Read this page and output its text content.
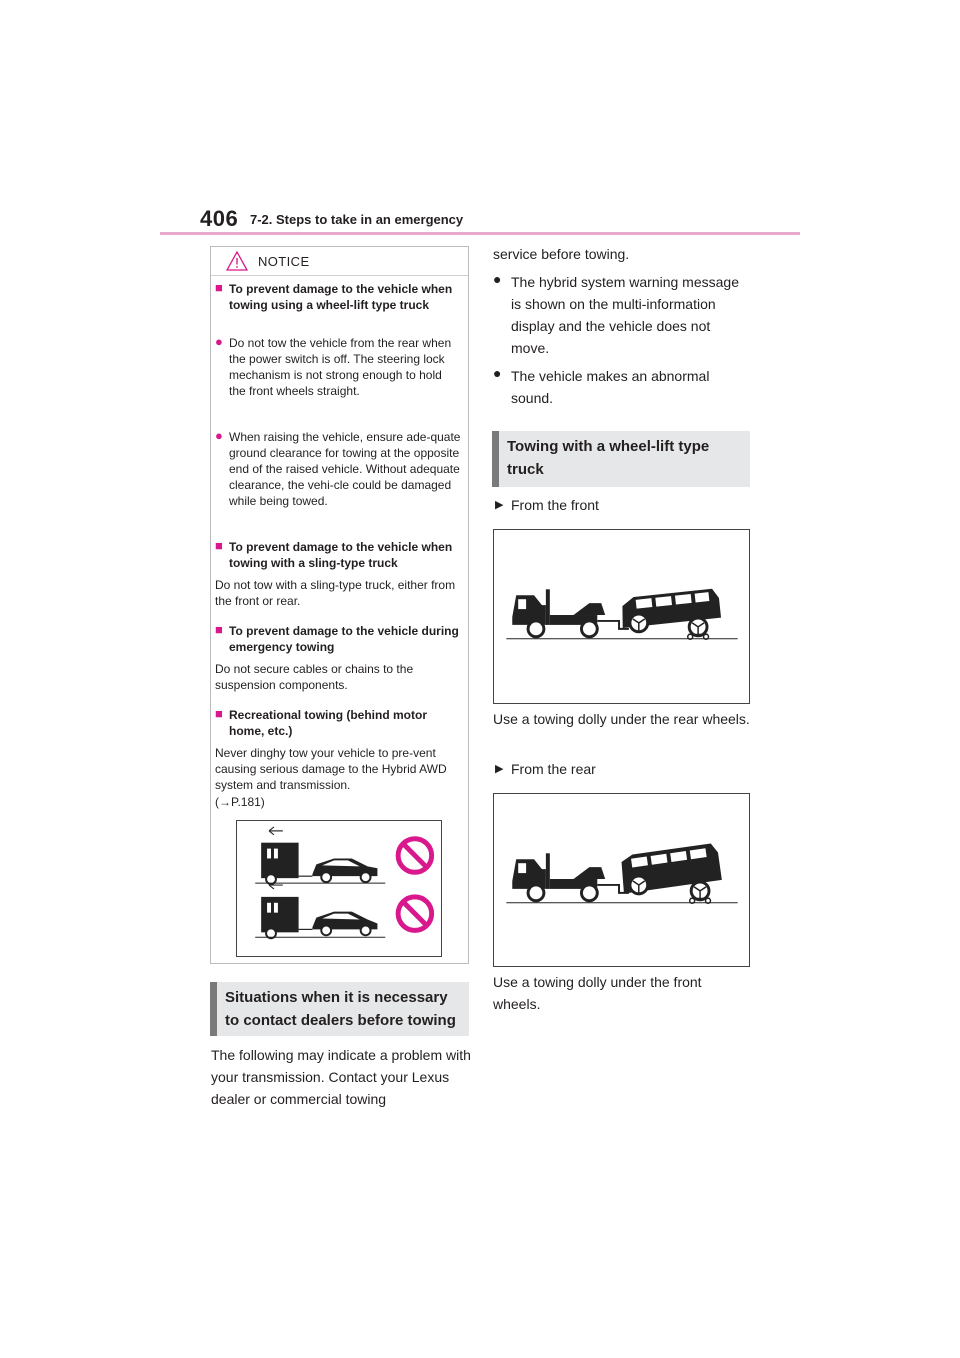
406 7-2. Steps to take in an emergency
NOTICE
■ To prevent damage to the vehicle when towing using a wheel-lift type truck
● Do not tow the vehicle from the rear when the power switch is off. The steering lock mechanism is not strong enough to hold the front wheels straight.
● When raising the vehicle, ensure ade-quate ground clearance for towing at the opposite end of the raised vehicle. Without adequate clearance, the vehi-cle could be damaged while being towed.
■ To prevent damage to the vehicle when towing with a sling-type truck
Do not tow with a sling-type truck, either from the front or rear.
■ To prevent damage to the vehicle during emergency towing
Do not secure cables or chains to the suspension components.
■ Recreational towing (behind motor home, etc.)
Never dinghy tow your vehicle to pre-vent causing serious damage to the Hybrid AWD system and transmission.
(→P.181)
Situations when it is necessary to contact dealers before towing
The following may indicate a problem with your transmission. Contact your Lexus dealer or commercial towing
service before towing.
● The hybrid system warning message is shown on the multi-information display and the vehicle does not move.
● The vehicle makes an abnormal sound.
Towing with a wheel-lift type truck
▶ From the front
Use a towing dolly under the rear wheels.
▶ From the rear
Use a towing dolly under the front wheels.
